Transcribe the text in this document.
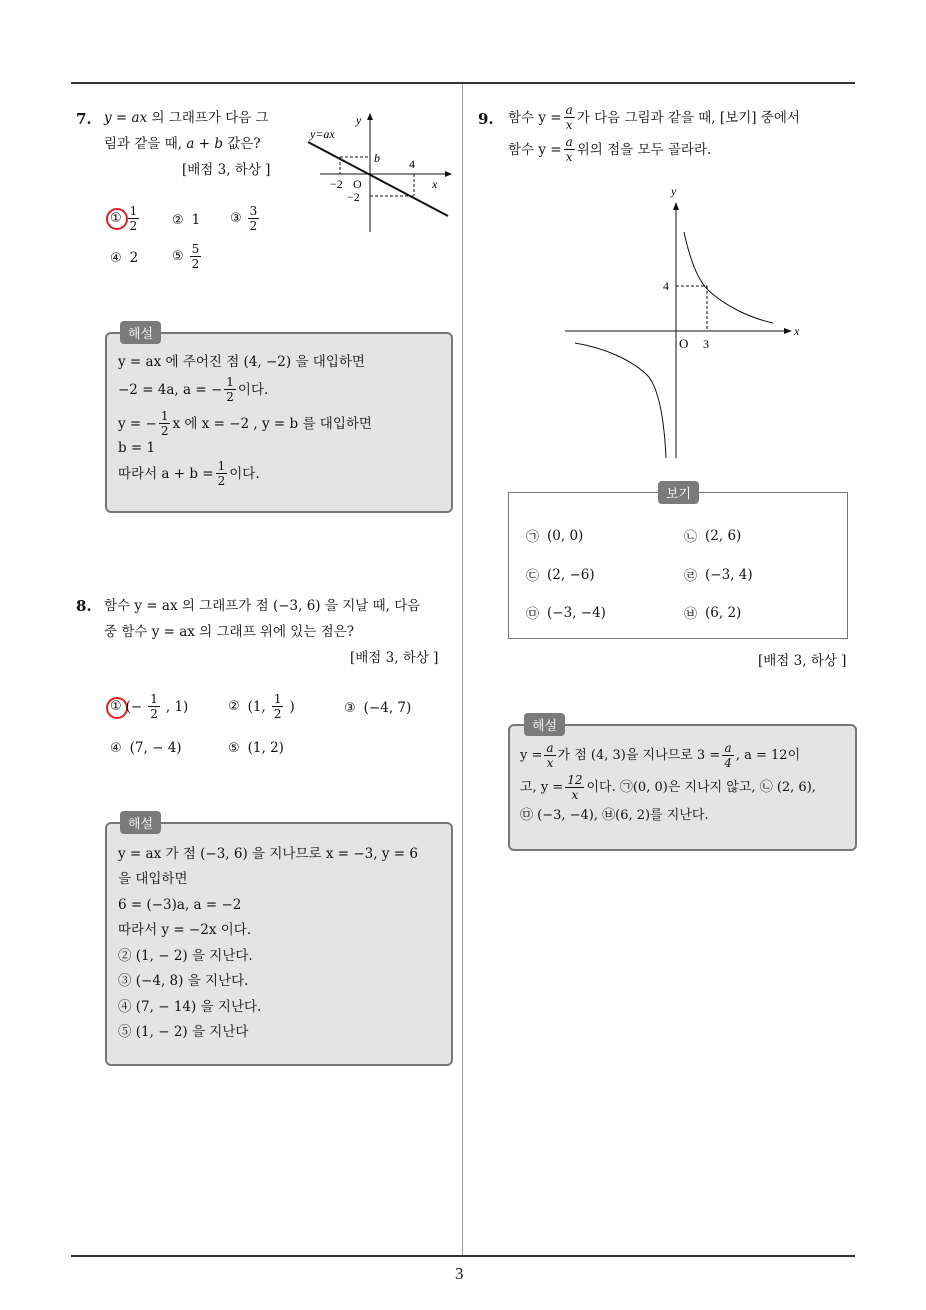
3
7. y = ax 의 그래프가 다음 그
림과 같을 때, a + b 값은?
[배점 3, 하상 ]
y=ax
y
x
b 4
−2 O
−2
① $\frac{1}{2}$	② 1 ③ $\frac{3}{2}$
④ 2	⑤ $\frac{5}{2}$
해설
y = ax 에 주어진 점 (4, −2) 을 대입하면
−2 = 4a, a = − $\frac{1}{2}$ 이다.
y = − $\frac{1}{2}$ x 에 x = −2 , y = b 를 대입하면
b = 1
따라서 $a + b = \frac{1}{2}$ 이다.
8. 함수 y = ax 의 그래프가 점 (−3, 6) 을 지날 때, 다음
중 함수 y = ax 의 그래프 위에 있는 점은?
[배점 3, 하상 ]
① (− $\frac{1}{2}$ , 1)	② (1, $\frac{1}{2}$ )	③ (−4, 7)
④ (7, − 4)	⑤ (1, 2)
해설
y = ax 가 점 (−3, 6) 을 지나므로 x = −3, y = 6
을 대입하면
6 = (−3)a, a = −2
따라서 y = −2x 이다.
② (1, − 2) 을 지난다.
③ (−4, 8) 을 지난다.
④ (7, − 14) 을 지난다.
⑤ (1, − 2) 을 지난다
9. 함수 $y = \frac{a}{x}$ 가 다음 그림과 같을 때, [보기] 중에서
함수 $y = \frac{a}{x}$ 위의 점을 모두 골라라.
y
x
O 3
4
보기
㉠ (0, 0)	㉡ (2, 6)
㉢ (2, −6)	㉣ (−3, 4)
㉤ (−3, −4)	㉥ (6, 2)
[배점 3, 하상 ]
해설
$y = \frac{a}{x}$ 가 점 (4, 3)을 지나므로 $3 = \frac{a}{4}$ , a = 12이
고, $y = \frac{12}{x}$ 이다. ㉠(0, 0)은 지나지 않고, ㉡ (2, 6),
㉤ (−3, −4), ㉥(6, 2)를 지난다.
